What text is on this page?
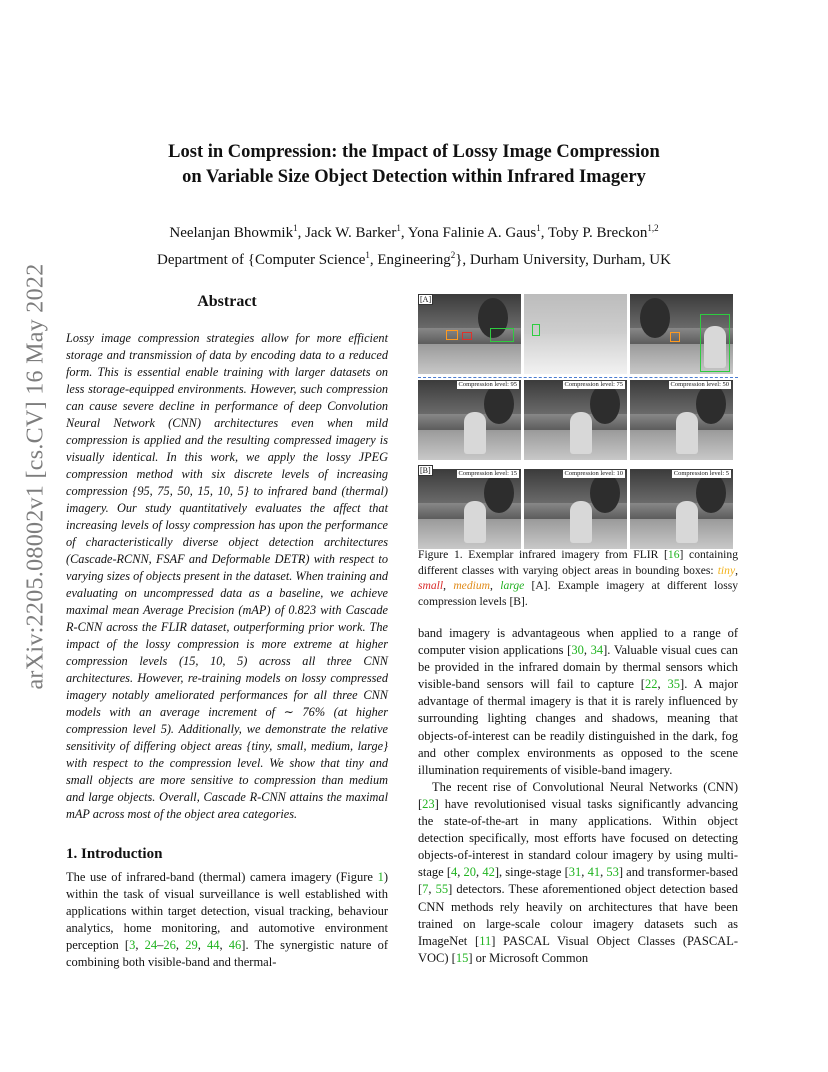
arXiv:2205.08002v1 [cs.CV] 16 May 2022
Lost in Compression: the Impact of Lossy Image Compression
on Variable Size Object Detection within Infrared Imagery
Neelanjan Bhowmik$^1$, Jack W. Barker$^1$, Yona Falinie A. Gaus$^1$, Toby P. Breckon$^{1,2}$
Department of {Computer Science$^1$, Engineering$^2$}, Durham University, Durham, UK
Abstract
Lossy image compression strategies allow for more efficient storage and transmission of data by encoding data to a reduced form. This is essential enable training with larger datasets on less storage-equipped environments. However, such compression can cause severe decline in performance of deep Convolution Neural Network (CNN) architectures even when mild compression is applied and the resulting compressed imagery is visually identical. In this work, we apply the lossy JPEG compression method with six discrete levels of increasing compression {95, 75, 50, 15, 10, 5} to infrared band (thermal) imagery. Our study quantitatively evaluates the affect that increasing levels of lossy compression has upon the performance of characteristically diverse object detection architectures (Cascade-RCNN, FSAF and Deformable DETR) with respect to varying sizes of objects present in the dataset. When training and evaluating on uncompressed data as a baseline, we achieve maximal mean Average Precision (mAP) of 0.823 with Cascade R-CNN across the FLIR dataset, outperforming prior work. The impact of the lossy compression is more extreme at higher compression levels (15, 10, 5) across all three CNN architectures. However, re-training models on lossy compressed imagery notably ameliorated performances for all three CNN models with an average increment of ∼ 76% (at higher compression level 5). Additionally, we demonstrate the relative sensitivity of differing object areas {tiny, small, medium, large} with respect to the compression level. We show that tiny and small objects are more sensitive to compression than medium and large objects. Overall, Cascade R-CNN attains the maximal mAP across most of the object area categories.
1. Introduction
The use of infrared-band (thermal) camera imagery (Figure 1) within the task of visual surveillance is well established with applications within target detection, visual tracking, behaviour analytics, home monitoring, and automotive environment perception [3, 24–26, 29, 44, 46]. The synergistic nature of combining both visible-band and thermal-
[A]
Compression level: 95	Compression level: 75	Compression level: 50
[B]	Compression level: 15	Compression level: 10	Compression level: 5
Figure 1. Exemplar infrared imagery from FLIR [16] containing different classes with varying object areas in bounding boxes: tiny, small, medium, large [A]. Example imagery at different lossy compression levels [B].

band imagery is advantageous when applied to a range of computer vision applications [30, 34]. Valuable visual cues can be provided in the infrared domain by thermal sensors which visible-band sensors will fail to capture [22, 35]. A major advantage of thermal imagery is that it is rarely influenced by surrounding lighting changes and shadows, meaning that objects-of-interest can be readily distinguished in the dark, fog and other complex environments as opposed to the scene illumination requirements of visible-band imagery.

The recent rise of Convolutional Neural Networks (CNN) [23] have revolutionised visual tasks significantly advancing the state-of-the-art in many applications. Within object detection specifically, most efforts have focused on detecting objects-of-interest in standard colour imagery by using multi-stage [4, 20, 42], singe-stage [31, 41, 53] and transformer-based [7, 55] detectors. These aforementioned object detection based CNN methods rely heavily on architectures that have been trained on large-scale colour imagery datasets such as ImageNet [11] PASCAL Visual Object Classes (PASCAL-VOC) [15] or Microsoft Common
